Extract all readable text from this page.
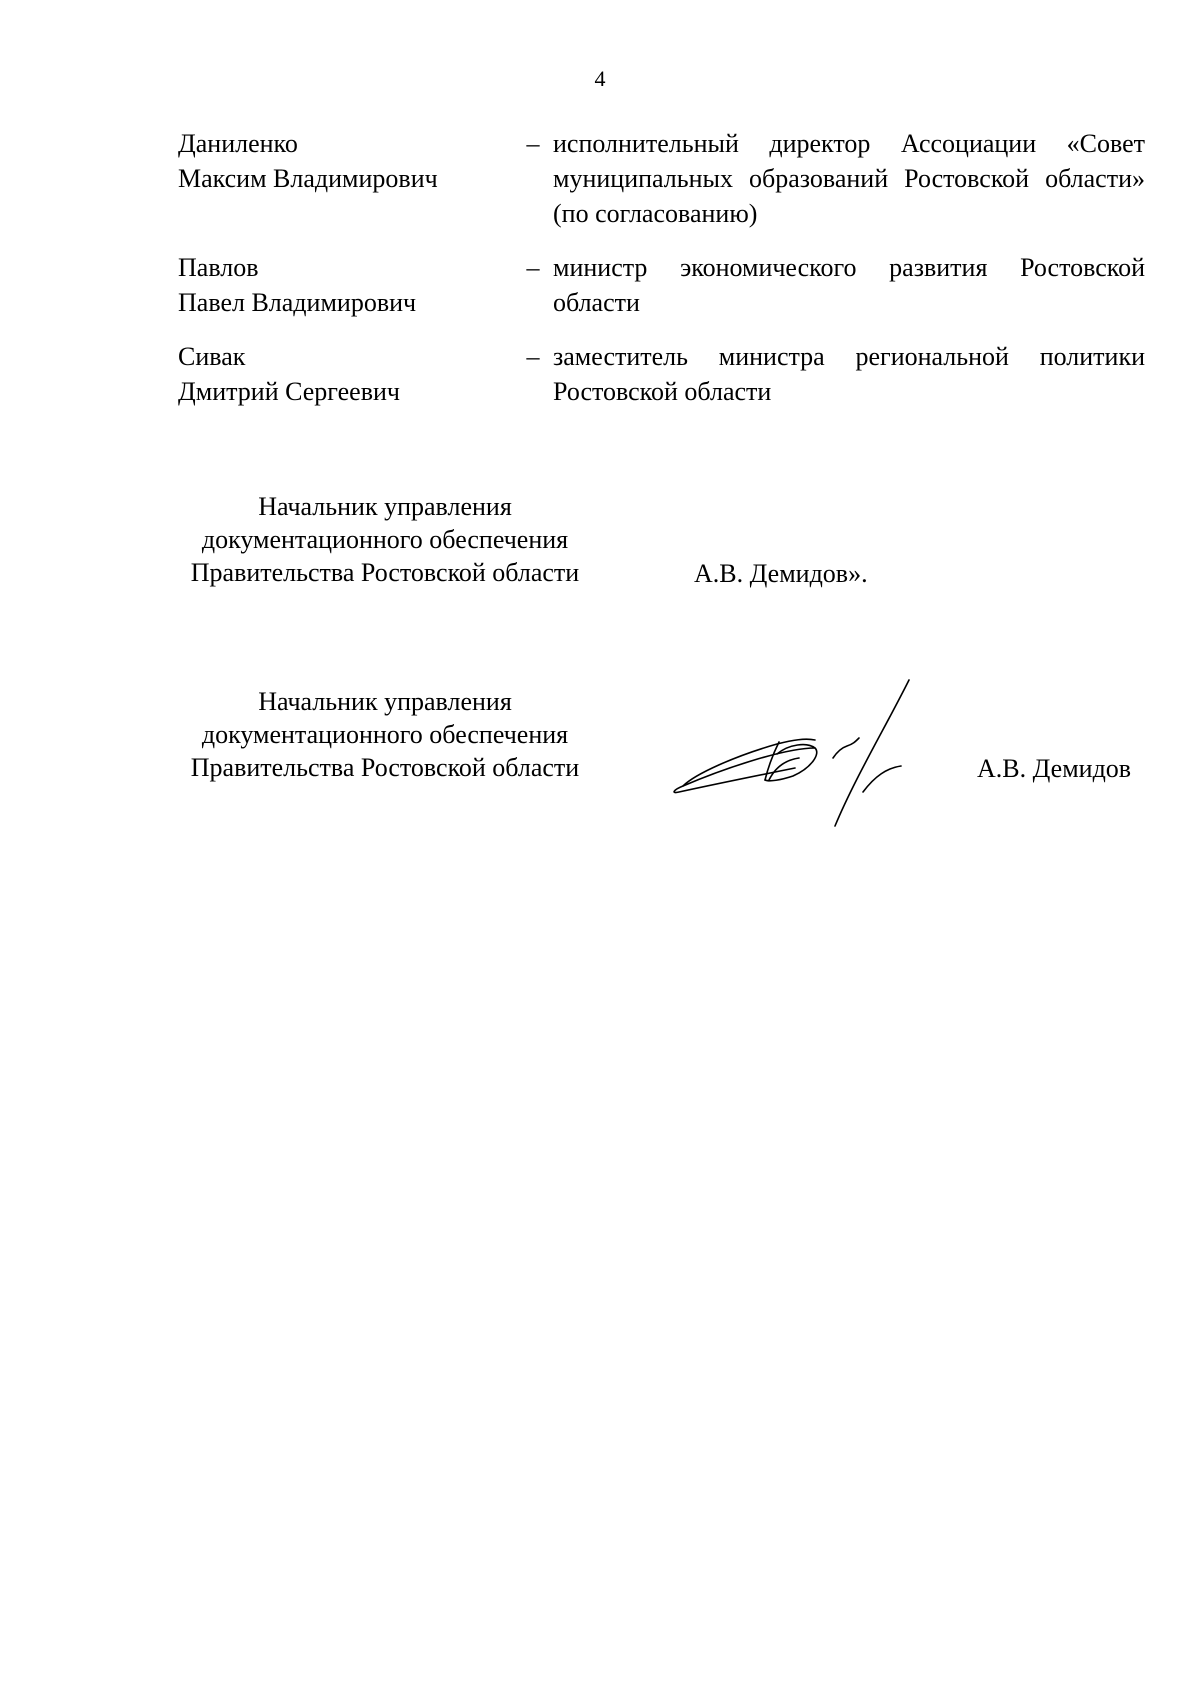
4
Даниленко
Максим Владимирович
– исполнительный директор Ассоциации «Совет муниципальных образований Ростовской области» (по согласованию)
Павлов
Павел Владимирович
– министр экономического развития Ростовской области
Сивак
Дмитрий Сергеевич
– заместитель министра региональной политики Ростовской области
Начальник управления
документационного обеспечения
Правительства Ростовской области	А.В. Демидов».
Начальник управления
документационного обеспечения
Правительства Ростовской области	А.В. Демидов
